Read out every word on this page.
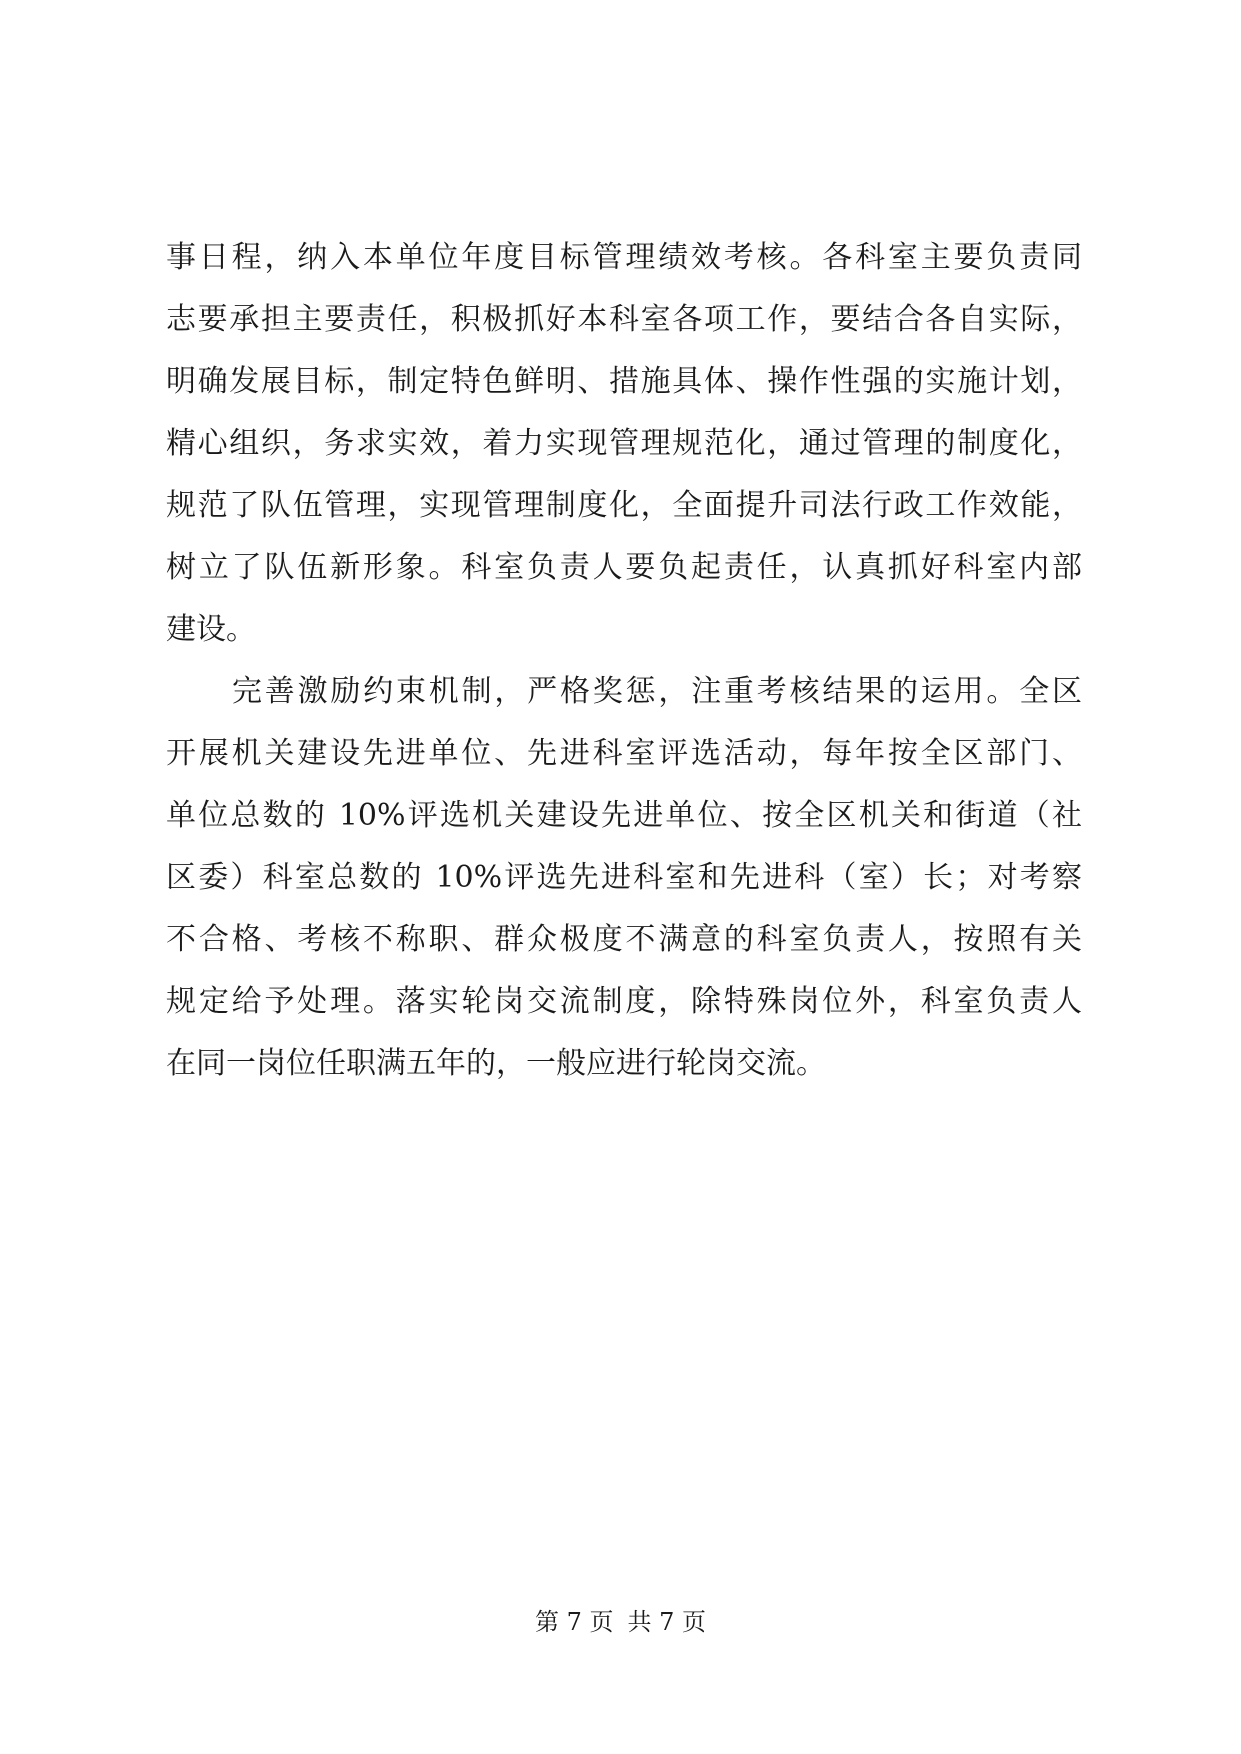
事日程，纳入本单位年度目标管理绩效考核。各科室主要负责同
志要承担主要责任，积极抓好本科室各项工作，要结合各自实际，
明确发展目标，制定特色鲜明、措施具体、操作性强的实施计划，
精心组织，务求实效，着力实现管理规范化，通过管理的制度化，
规范了队伍管理，实现管理制度化，全面提升司法行政工作效能，
树立了队伍新形象。科室负责人要负起责任，认真抓好科室内部
建设。
完善激励约束机制，严格奖惩，注重考核结果的运用。全区
开展机关建设先进单位、先进科室评选活动，每年按全区部门、
单位总数的 10%评选机关建设先进单位、按全区机关和街道（社
区委）科室总数的 10%评选先进科室和先进科（室）长；对考察
不合格、考核不称职、群众极度不满意的科室负责人，按照有关
规定给予处理。落实轮岗交流制度，除特殊岗位外，科室负责人
在同一岗位任职满五年的，一般应进行轮岗交流。
第 7 页 共 7 页
